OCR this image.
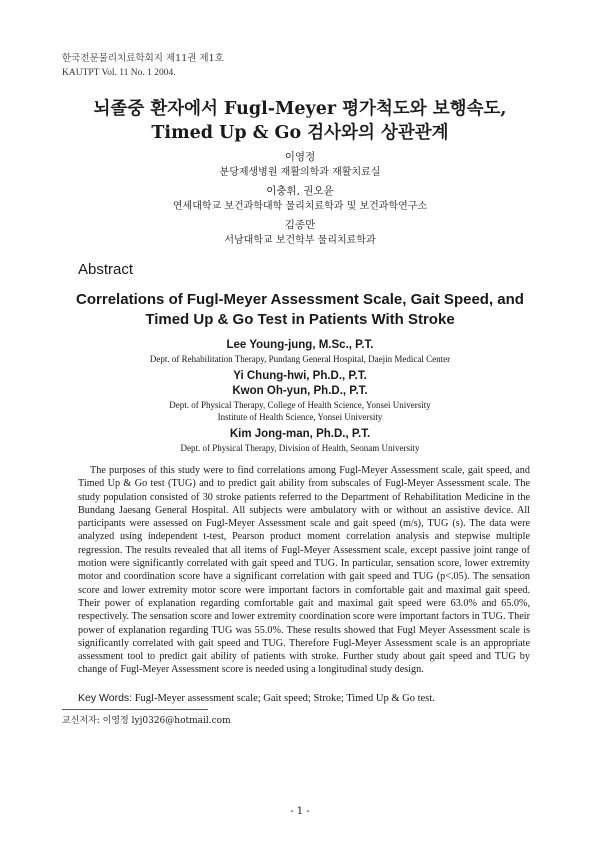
한국전문물리치료학회지 제11권 제1호
KAUTPT Vol. 11 No. 1 2004.
뇌졸중 환자에서 Fugl-Meyer 평가척도와 보행속도,
Timed Up & Go 검사와의 상관관계
이영정
분당제생병원 재활의학과 재활치료실
이충휘, 권오윤
연세대학교 보건과학대학 물리치료학과 및 보건과학연구소
김종만
서남대학교 보건학부 물리치료학과
Abstract
Correlations of Fugl-Meyer Assessment Scale, Gait Speed, and
Timed Up & Go Test in Patients With Stroke
Lee Young-jung, M.Sc., P.T.
Dept. of Rehabilitation Therapy, Pundang General Hospital, Daejin Medical Center
Yi Chung-hwi, Ph.D., P.T.
Kwon Oh-yun, Ph.D., P.T.
Dept. of Physical Therapy, College of Health Science, Yonsei University
Institute of Health Science, Yonsei University
Kim Jong-man, Ph.D., P.T.
Dept. of Physical Therapy, Division of Health, Seonam University
The purposes of this study were to find correlations among Fugl-Meyer Assessment scale, gait speed, and Timed Up & Go test (TUG) and to predict gait ability from subscales of Fugl-Meyer Assessment scale. The study population consisted of 30 stroke patients referred to the Department of Rehabilitation Medicine in the Bundang Jaesang General Hospital. All subjects were ambulatory with or without an assistive device. All participants were assessed on Fugl-Meyer Assessment scale and gait speed (m/s), TUG (s). The data were analyzed using independent t-test, Pearson product moment correlation analysis and stepwise multiple regression. The results revealed that all items of Fugl-Meyer Assessment scale, except passive joint range of motion were significantly correlated with gait speed and TUG. In particular, sensation score, lower extremity motor and coordination score have a significant correlation with gait speed and TUG (p<.05). The sensation score and lower extremity motor score were important factors in comfortable gait and maximal gait speed. Their power of explanation regarding comfortable gait and maximal gait speed were 63.0% and 65.0%, respectively. The sensation score and lower extremity coordination score were important factors in TUG. Their power of explanation regarding TUG was 55.0%. These results showed that Fugl Meyer Assessment scale is significantly correlated with gait speed and TUG. Therefore Fugl-Meyer Assessment scale is an appropriate assessment tool to predict gait ability of patients with stroke. Further study about gait speed and TUG by change of Fugl-Meyer Assessment score is needed using a longitudinal study design.
Key Words: Fugl-Meyer assessment scale; Gait speed; Stroke; Timed Up & Go test.
교신저자: 이영정 lyj0326@hotmail.com
- 1 -
